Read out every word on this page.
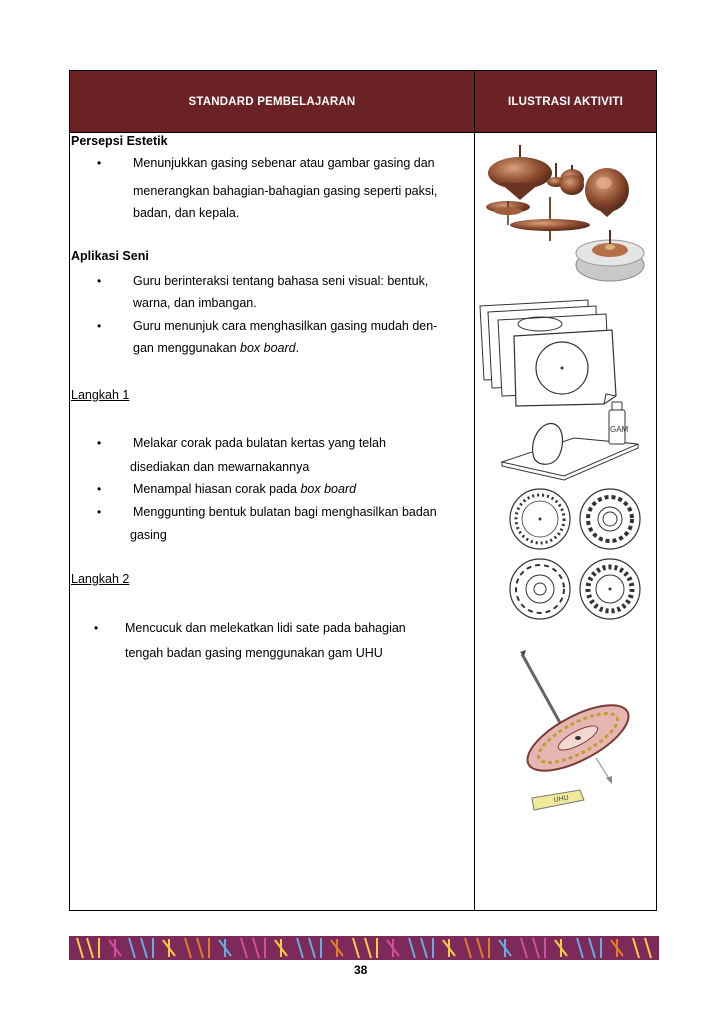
STANDARD PEMBELAJARAN	ILUSTRASI AKTIVITI
Persepsi Estetik
•	Menunjukkan gasing sebenar atau gambar gasing dan
menerangkan bahagian-bahagian gasing seperti paksi,
badan, dan kepala.
Aplikasi Seni
•	Guru berinteraksi tentang bahasa seni visual: bentuk,
warna, dan imbangan.
•	Guru menunjuk cara menghasilkan gasing mudah den-
gan menggunakan box board.
Langkah 1
•	Melakar corak pada bulatan kertas yang telah
disediakan dan mewarnakannya
•	Menampal hiasan corak pada box board
•	Menggunting bentuk bulatan bagi menghasilkan badan
gasing
Langkah 2
• Mencucuk dan melekatkan lidi sate pada bahagian
tengah badan gasing menggunakan gam UHU
GAM
UHU
38
